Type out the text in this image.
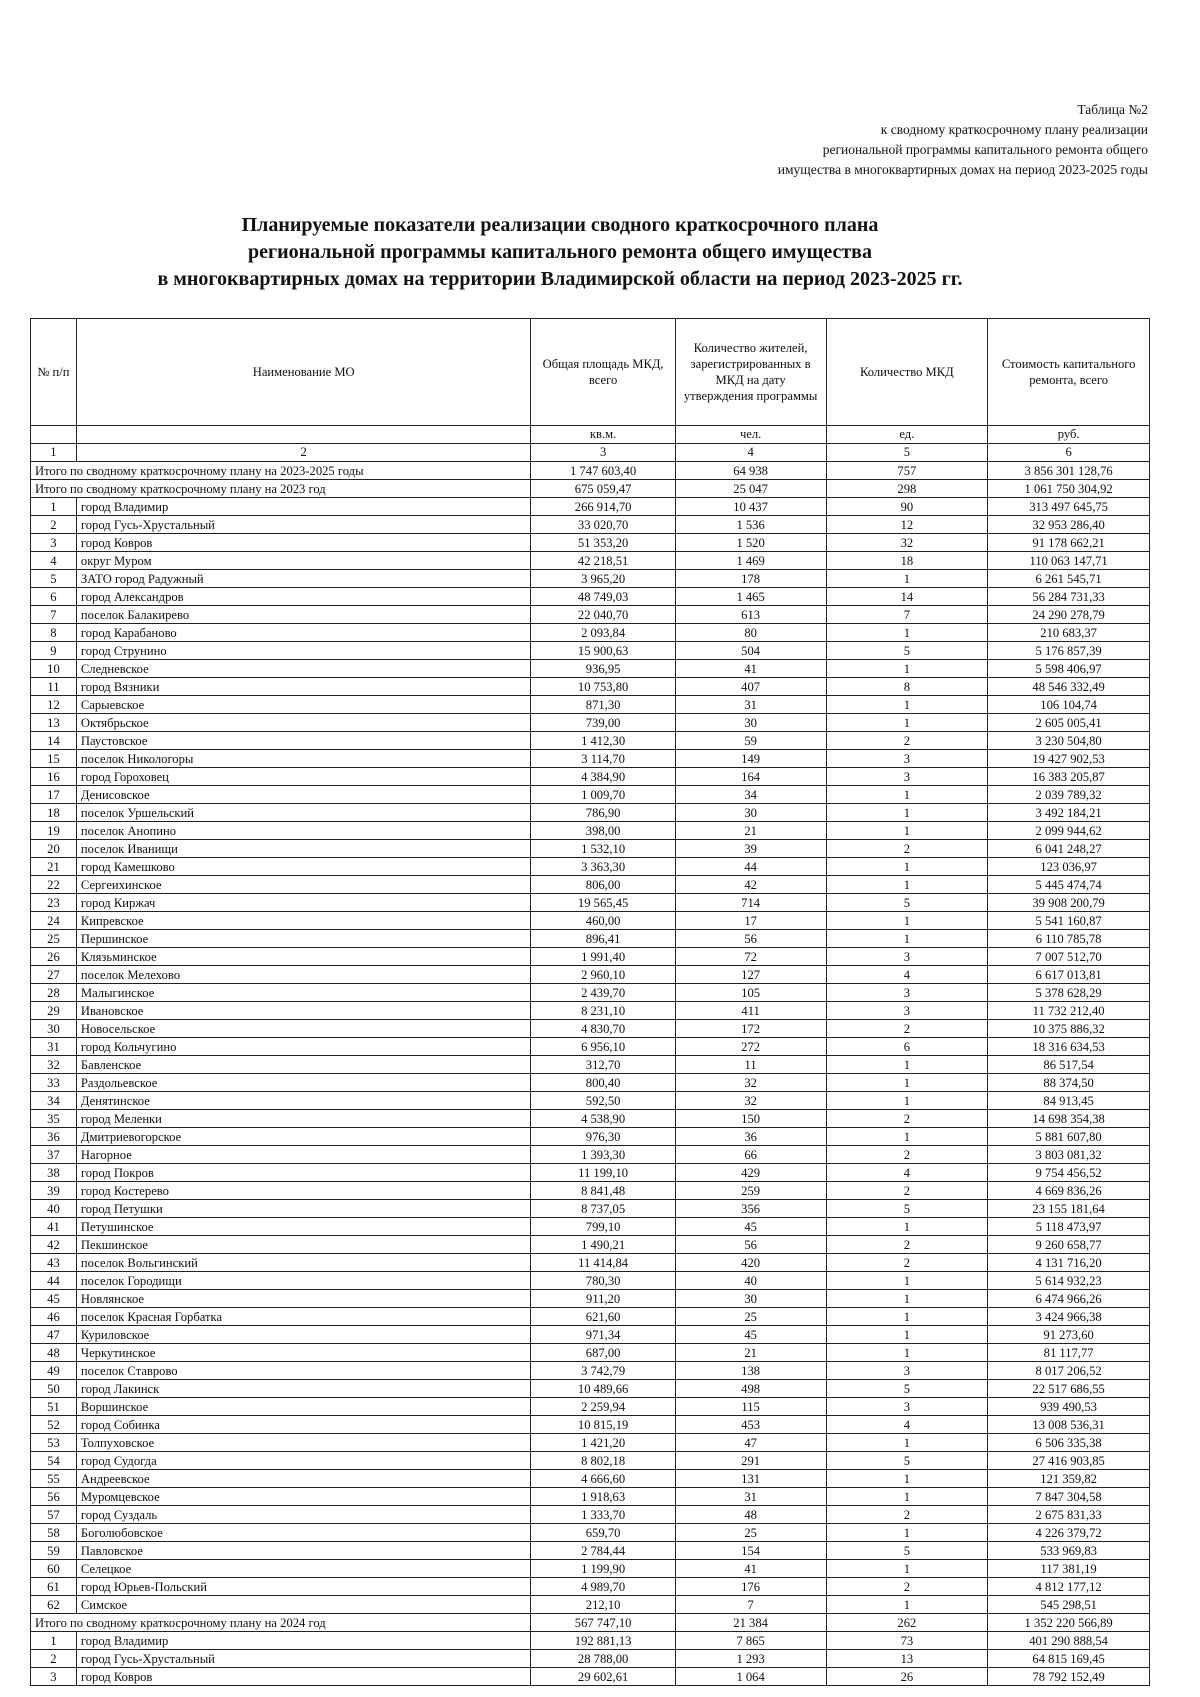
Таблица №2
к сводному краткосрочному плану реализации
региональной программы капитального ремонта общего
имущества в многоквартирных домах на период 2023-2025 годы
Планируемые показатели реализации сводного краткосрочного плана
региональной программы капитального ремонта общего имущества
в многоквартирных домах на территории Владимирской области на период 2023-2025 гг.
№ п/п	Наименование МО	Общая площадь МКД, всего	Количество жителей, зарегистрированных в МКД на дату утверждения программы	Количество МКД	Стоимость капитального ремонта, всего
		кв.м.	чел.	ед.	руб.
1	2	3	4	5	6
Итого по сводному краткосрочному плану на 2023-2025 годы		1 747 603,40	64 938	757	3 856 301 128,76
Итого по сводному краткосрочному плану на 2023 год		675 059,47	25 047	298	1 061 750 304,92
1	город Владимир	266 914,70	10 437	90	313 497 645,75
2	город Гусь-Хрустальный	33 020,70	1 536	12	32 953 286,40
3	город Ковров	51 353,20	1 520	32	91 178 662,21
4	округ Муром	42 218,51	1 469	18	110 063 147,71
5	ЗАТО город Радужный	3 965,20	178	1	6 261 545,71
6	город Александров	48 749,03	1 465	14	56 284 731,33
7	поселок Балакирево	22 040,70	613	7	24 290 278,79
8	город Карабаново	2 093,84	80	1	210 683,37
9	город Струнино	15 900,63	504	5	5 176 857,39
10	Следневское	936,95	41	1	5 598 406,97
11	город Вязники	10 753,80	407	8	48 546 332,49
12	Сарыевское	871,30	31	1	106 104,74
13	Октябрьское	739,00	30	1	2 605 005,41
14	Паустовское	1 412,30	59	2	3 230 504,80
15	поселок Никологоры	3 114,70	149	3	19 427 902,53
16	город Гороховец	4 384,90	164	3	16 383 205,87
17	Денисовское	1 009,70	34	1	2 039 789,32
18	поселок Уршельский	786,90	30	1	3 492 184,21
19	поселок Анопино	398,00	21	1	2 099 944,62
20	поселок Иванищи	1 532,10	39	2	6 041 248,27
21	город Камешково	3 363,30	44	1	123 036,97
22	Сергеихинское	806,00	42	1	5 445 474,74
23	город Киржач	19 565,45	714	5	39 908 200,79
24	Кипревское	460,00	17	1	5 541 160,87
25	Першинское	896,41	56	1	6 110 785,78
26	Клязьминское	1 991,40	72	3	7 007 512,70
27	поселок Мелехово	2 960,10	127	4	6 617 013,81
28	Малыгинское	2 439,70	105	3	5 378 628,29
29	Ивановское	8 231,10	411	3	11 732 212,40
30	Новосельское	4 830,70	172	2	10 375 886,32
31	город Кольчугино	6 956,10	272	6	18 316 634,53
32	Бавленское	312,70	11	1	86 517,54
33	Раздольевское	800,40	32	1	88 374,50
34	Денятинское	592,50	32	1	84 913,45
35	город Меленки	4 538,90	150	2	14 698 354,38
36	Дмитриевогорское	976,30	36	1	5 881 607,80
37	Нагорное	1 393,30	66	2	3 803 081,32
38	город Покров	11 199,10	429	4	9 754 456,52
39	город Костерево	8 841,48	259	2	4 669 836,26
40	город Петушки	8 737,05	356	5	23 155 181,64
41	Петушинское	799,10	45	1	5 118 473,97
42	Пекшинское	1 490,21	56	2	9 260 658,77
43	поселок Вольгинский	11 414,84	420	2	4 131 716,20
44	поселок Городищи	780,30	40	1	5 614 932,23
45	Новлянское	911,20	30	1	6 474 966,26
46	поселок Красная Горбатка	621,60	25	1	3 424 966,38
47	Куриловское	971,34	45	1	91 273,60
48	Черкутинское	687,00	21	1	81 117,77
49	поселок Ставрово	3 742,79	138	3	8 017 206,52
50	город Лакинск	10 489,66	498	5	22 517 686,55
51	Воршинское	2 259,94	115	3	939 490,53
52	город Собинка	10 815,19	453	4	13 008 536,31
53	Толпуховское	1 421,20	47	1	6 506 335,38
54	город Судогда	8 802,18	291	5	27 416 903,85
55	Андреевское	4 666,60	131	1	121 359,82
56	Муромцевское	1 918,63	31	1	7 847 304,58
57	город Суздаль	1 333,70	48	2	2 675 831,33
58	Боголюбовское	659,70	25	1	4 226 379,72
59	Павловское	2 784,44	154	5	533 969,83
60	Селецкое	1 199,90	41	1	117 381,19
61	город Юрьев-Польский	4 989,70	176	2	4 812 177,12
62	Симское	212,10	7	1	545 298,51
Итого по сводному краткосрочному плану на 2024 год		567 747,10	21 384	262	1 352 220 566,89
1	город Владимир	192 881,13	7 865	73	401 290 888,54
2	город Гусь-Хрустальный	28 788,00	1 293	13	64 815 169,45
3	город Ковров	29 602,61	1 064	26	78 792 152,49
